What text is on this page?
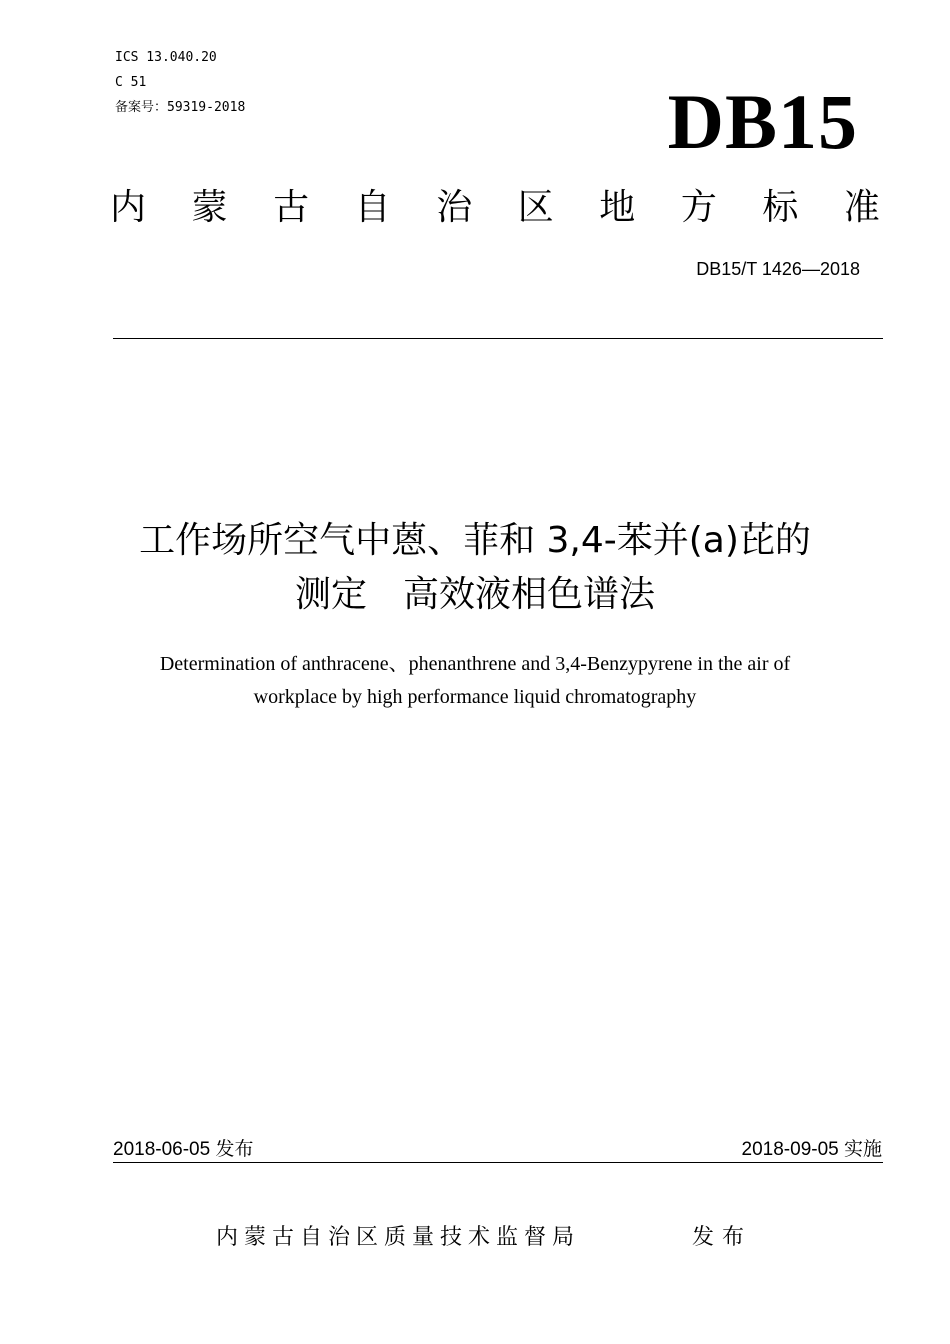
ICS 13.040.20
C 51
备案号：59319-2018	DB15
内 蒙 古 自 治 区 地 方 标 准
DB15/T 1426—2018
工作场所空气中蒽、菲和 3,4-苯并(a)芘的
测定　高效液相色谱法
Determination of anthracene、phenanthrene and 3,4-Benzypyrene in the air of
workplace by high performance liquid chromatography
2018-06-05 发布	2018-09-05 实施
内蒙古自治区质量技术监督局	发布
